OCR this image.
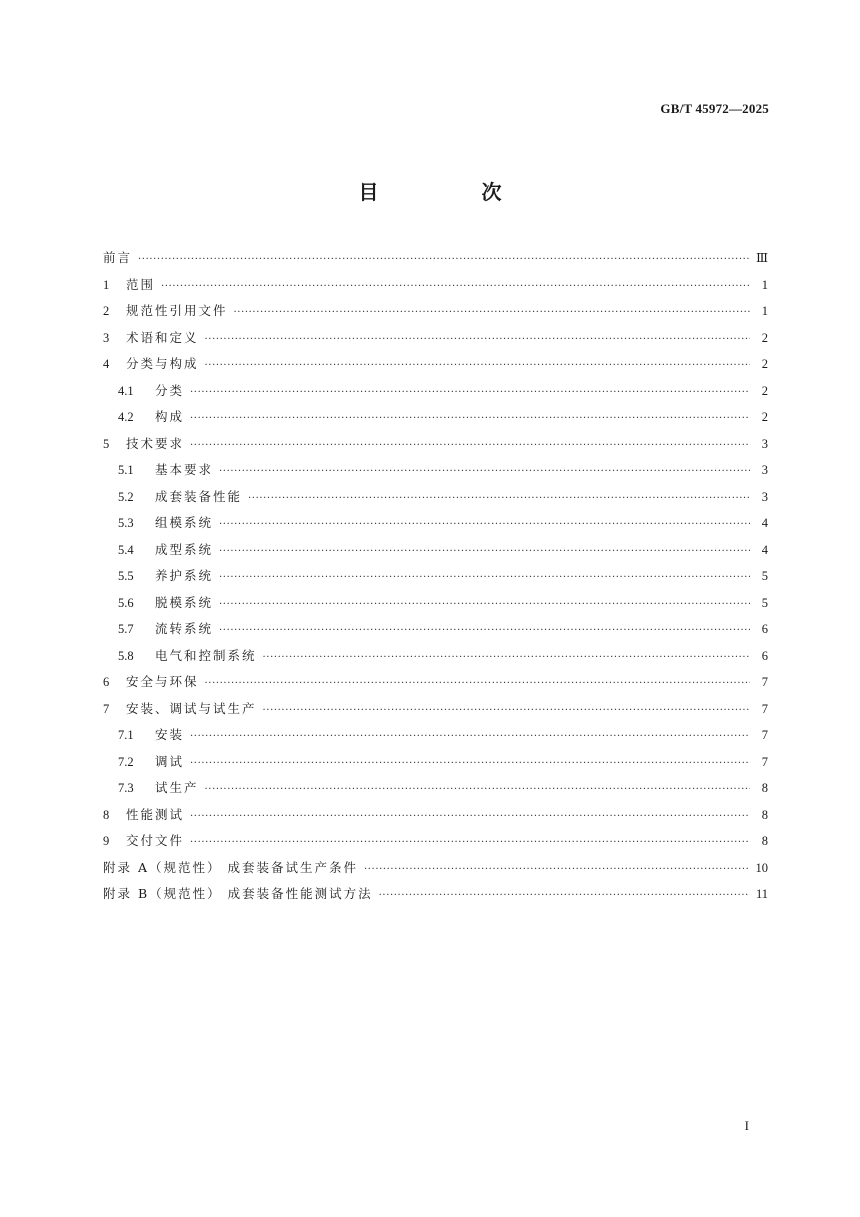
GB/T 45972—2025
目 次
前言 ·····	Ⅲ
1	范围 ·····	1
2	规范性引用文件 ·····	1
3	术语和定义 ·····	2
4	分类与构成 ·····	2
4.1	分类 ·····	2
4.2	构成 ·····	2
5	技术要求 ·····	3
5.1	基本要求 ·····	3
5.2	成套装备性能 ·····	3
5.3	组模系统 ·····	4
5.4	成型系统 ·····	4
5.5	养护系统 ·····	5
5.6	脱模系统 ·····	5
5.7	流转系统 ·····	6
5.8	电气和控制系统 ·····	6
6	安全与环保 ·····	7
7	安装、调试与试生产 ·····	7
7.1	安装 ·····	7
7.2	调试 ·····	7
7.3	试生产 ·····	8
8	性能测试 ·····	8
9	交付文件 ·····	8
附录 A（规范性） 成套装备试生产条件 ·····	10
附录 B（规范性） 成套装备性能测试方法 ·····	11
I
